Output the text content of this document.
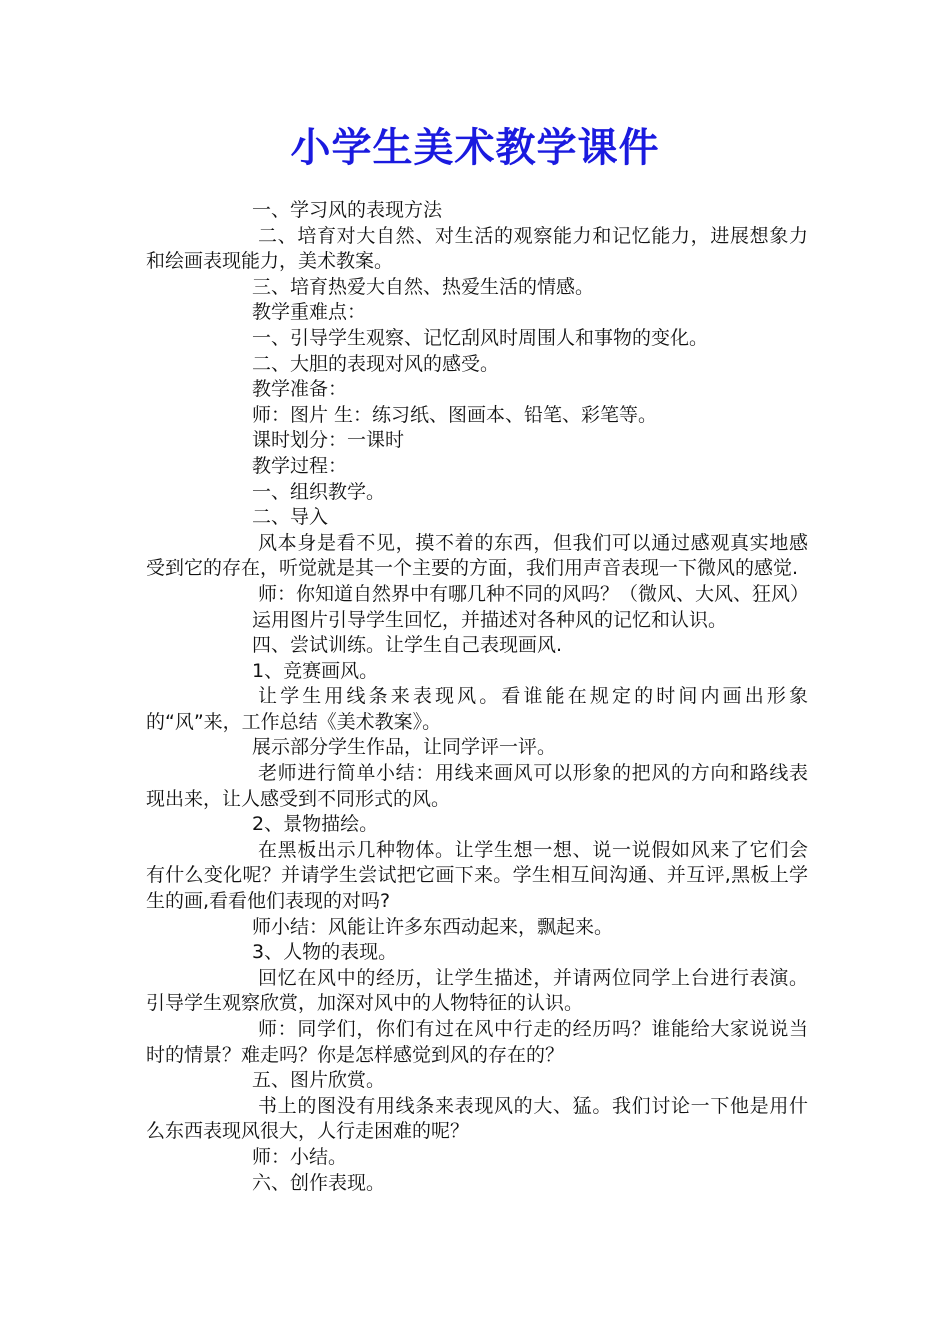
小学生美术教学课件

一、学习风的表现方法

二、培育对大自然、对生活的观察能力和记忆能力，进展想象力和绘画表现能力，美术教案。

三、培育热爱大自然、热爱生活的情感。

教学重难点：

一、引导学生观察、记忆刮风时周围人和事物的变化。

二、大胆的表现对风的感受。

教学准备：

师：图片 生：练习纸、图画本、铅笔、彩笔等。

课时划分：一课时

教学过程：

一、组织教学。

二、导入

风本身是看不见，摸不着的东西，但我们可以通过感观真实地感受到它的存在，听觉就是其一个主要的方面，我们用声音表现一下微风的感觉.

师：你知道自然界中有哪几种不同的风吗？（微风、大风、狂风）

运用图片引导学生回忆，并描述对各种风的记忆和认识。

四、尝试训练。让学生自己表现画风.

1、竞赛画风。

让学生用线条来表现风。看谁能在规定的时间内画出形象的“风”来，工作总结《美术教案》。

展示部分学生作品，让同学评一评。

老师进行简单小结：用线来画风可以形象的把风的方向和路线表现出来，让人感受到不同形式的风。

2、景物描绘。

在黑板出示几种物体。让学生想一想、说一说假如风来了它们会有什么变化呢？并请学生尝试把它画下来。学生相互间沟通、并互评,黑板上学生的画,看看他们表现的对吗?

师小结：风能让许多东西动起来，飘起来。

3、人物的表现。

回忆在风中的经历，让学生描述，并请两位同学上台进行表演。引导学生观察欣赏，加深对风中的人物特征的认识。

师：同学们，你们有过在风中行走的经历吗？谁能给大家说说当时的情景？难走吗？你是怎样感觉到风的存在的？

五、图片欣赏。

书上的图没有用线条来表现风的大、猛。我们讨论一下他是用什么东西表现风很大，人行走困难的呢？

师：小结。

六、创作表现。
